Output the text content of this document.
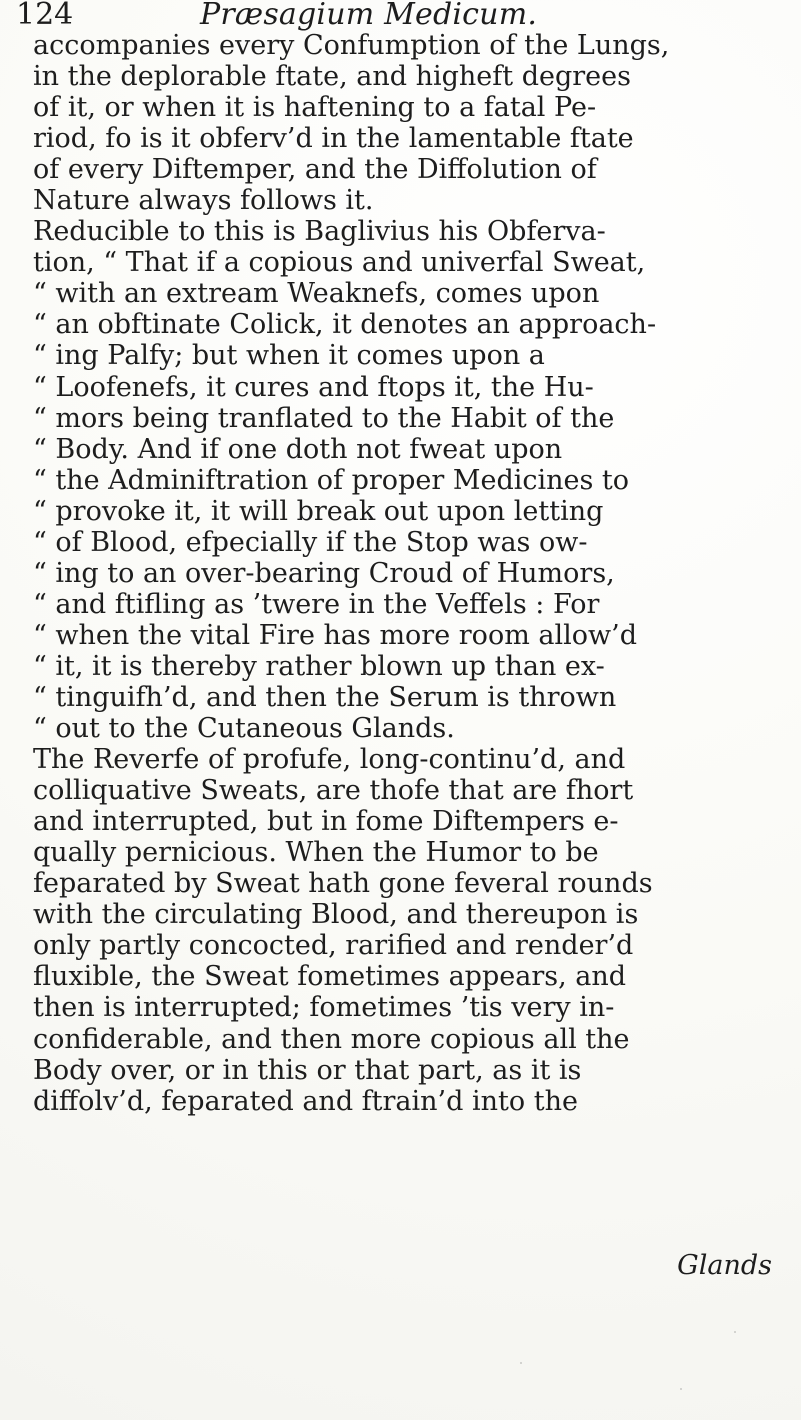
124	Præsagium Medicum.
accompanies every Confumption of the Lungs,
in the deplorable ftate, and higheft degrees
of it, or when it is haftening to a fatal Pe-
riod, fo is it obferv’d in the lamentable ftate
of every Diftemper, and the Diffolution of
Nature always follows it.
Reducible to this is Baglivius his Obferva-
tion, “ That if a copious and univerfal Sweat,
“ with an extream Weaknefs, comes upon
“ an obftinate Colick, it denotes an approach-
“ ing Palfy; but when it comes upon a
“ Loofenefs, it cures and ftops it, the Hu-
“ mors being tranflated to the Habit of the
“ Body. And if one doth not fweat upon
“ the Adminiftration of proper Medicines to
“ provoke it, it will break out upon letting
“ of Blood, efpecially if the Stop was ow-
“ ing to an over-bearing Croud of Humors,
“ and ftifling as ’twere in the Veffels : For
“ when the vital Fire has more room allow’d
“ it, it is thereby rather blown up than ex-
“ tinguifh’d, and then the Serum is thrown
“ out to the Cutaneous Glands.
The Reverfe of profufe, long-continu’d, and
colliquative Sweats, are thofe that are fhort
and interrupted, but in fome Diftempers e-
qually pernicious. When the Humor to be
feparated by Sweat hath gone feveral rounds
with the circulating Blood, and thereupon is
only partly concocted, rarified and render’d
fluxible, the Sweat fometimes appears, and
then is interrupted; fometimes ’tis very in-
confiderable, and then more copious all the
Body over, or in this or that part, as it is
diffolv’d, feparated and ftrain’d into the
Glands
